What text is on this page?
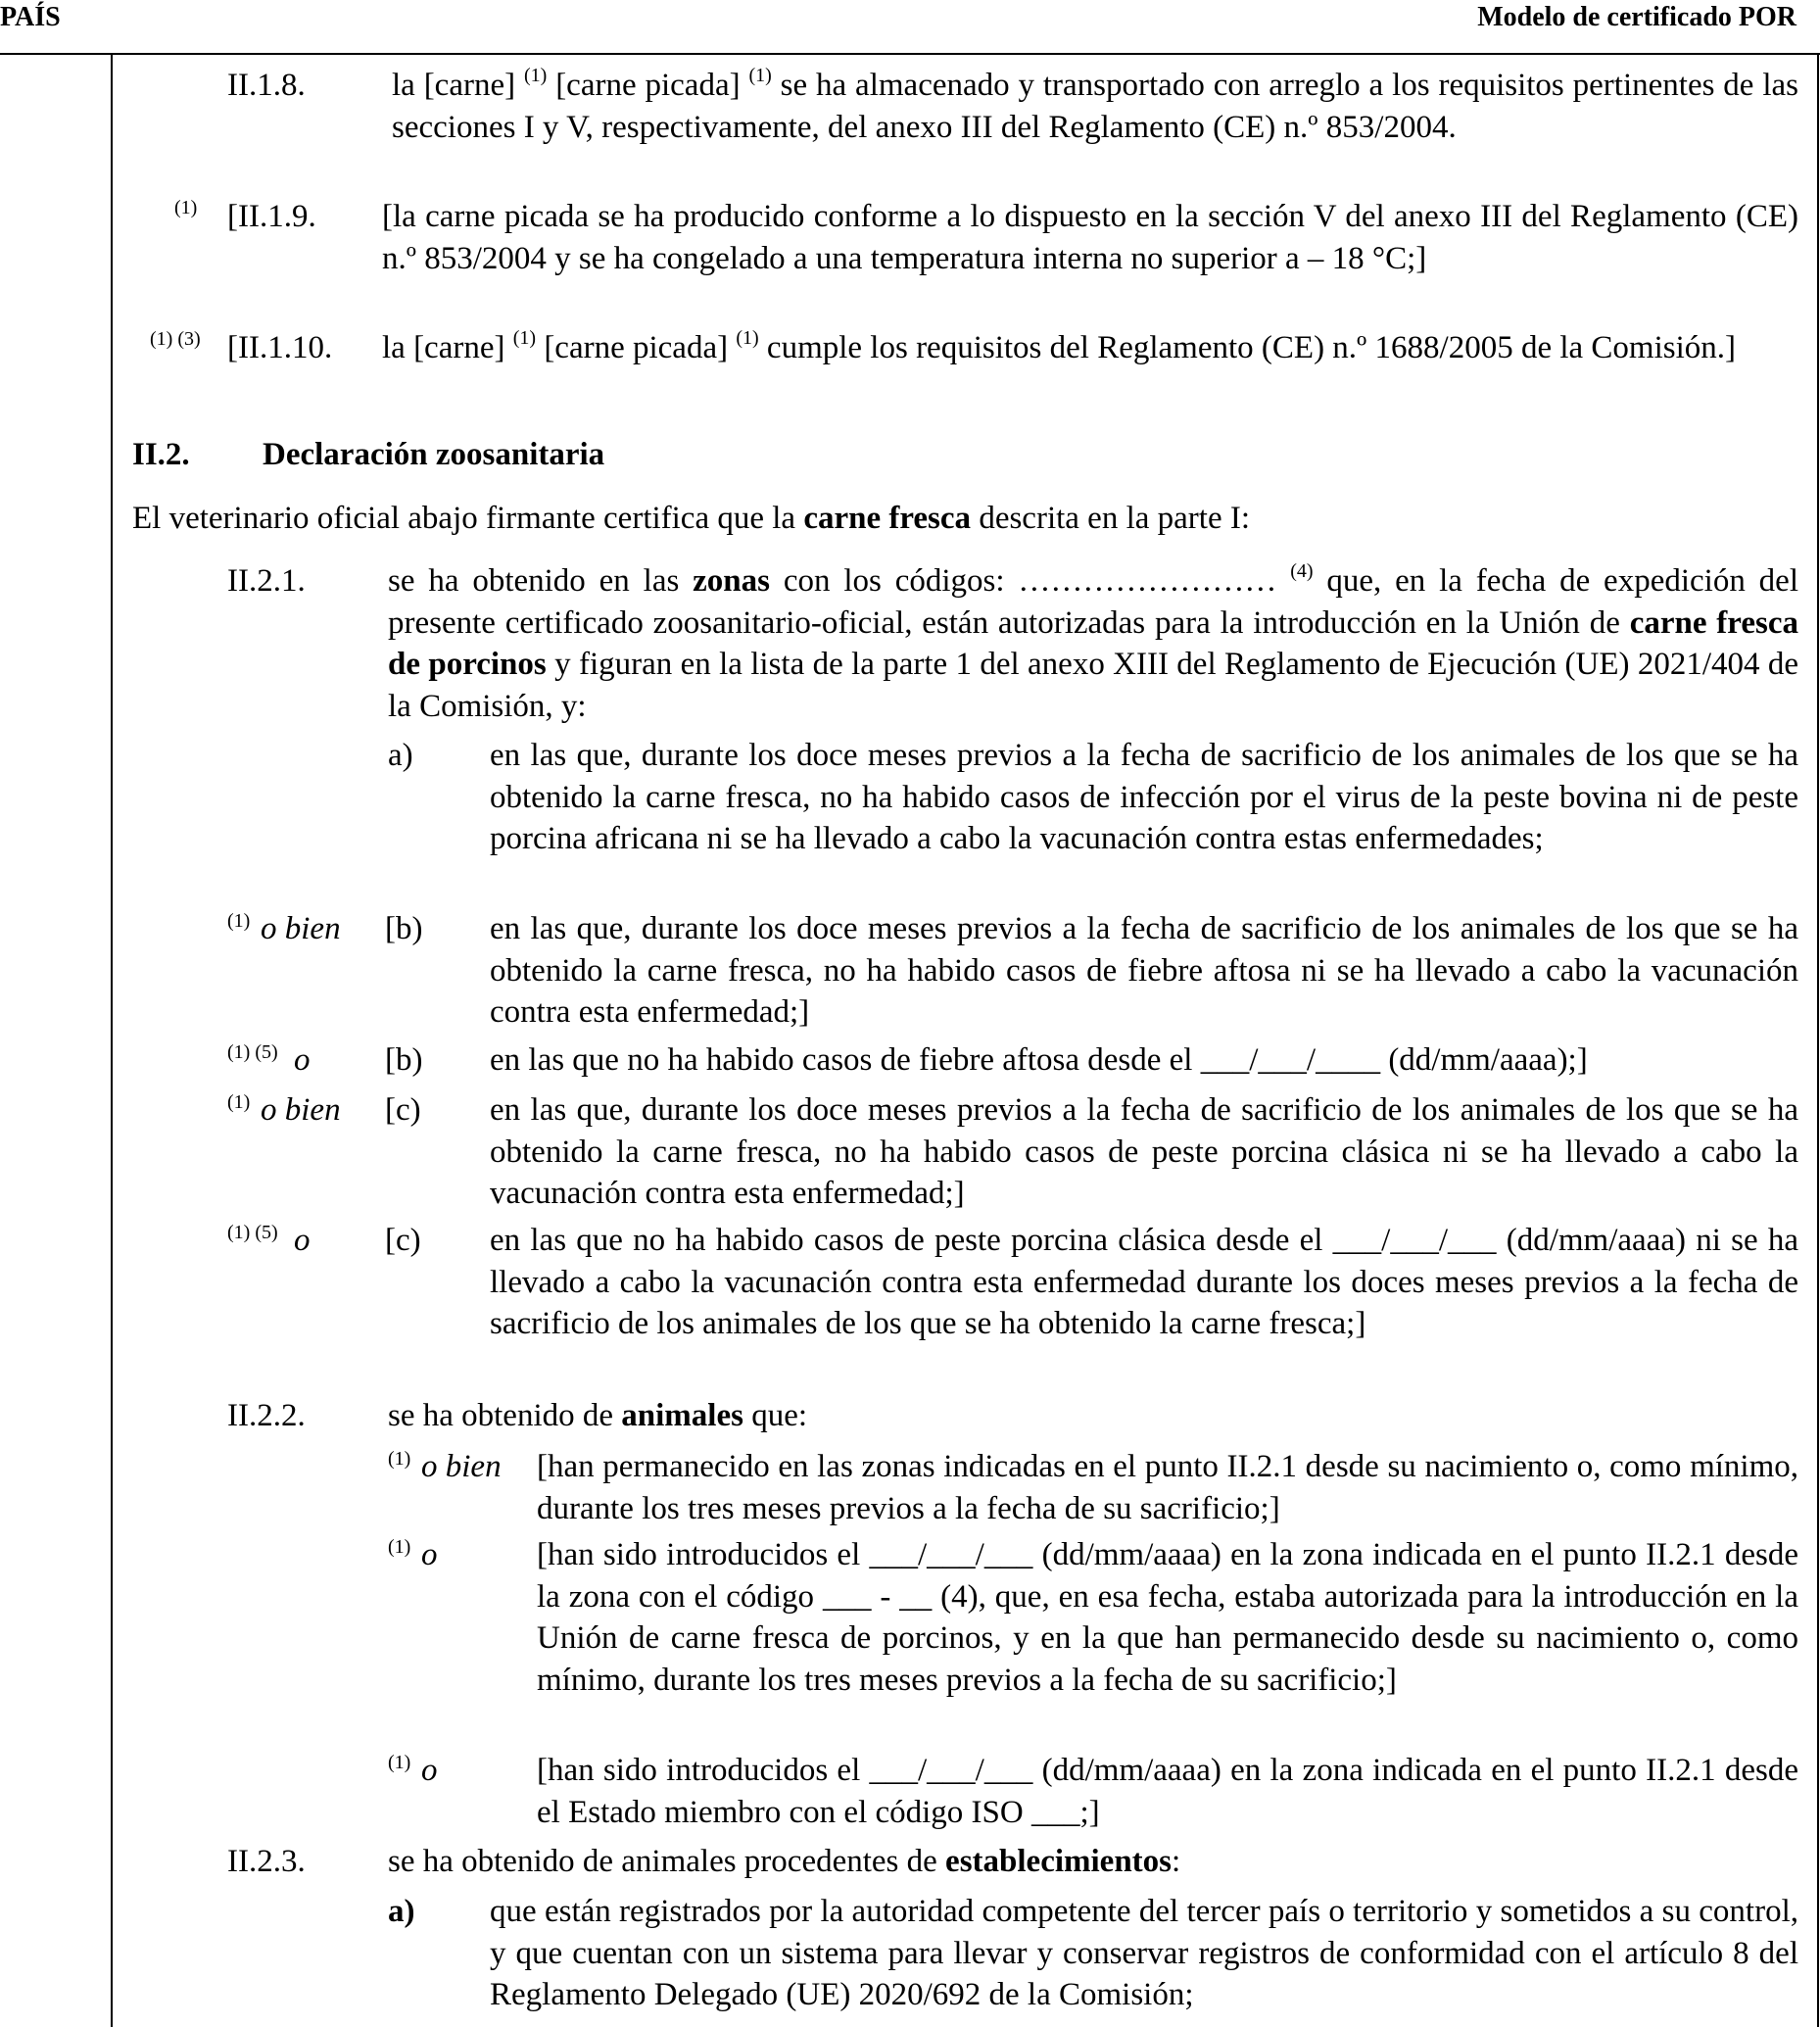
PAÍS	Modelo de certificado POR
II.1.8.	la [carne] $^{(1)}$ [carne picada] $^{(1)}$ se ha almacenado y transportado con arreglo a los requisitos pertinentes de las secciones I y V, respectivamente, del anexo III del Reglamento (CE) n.º 853/2004.
(1) [II.1.9. [la carne picada se ha producido conforme a lo dispuesto en la sección V del anexo III del Reglamento (CE) n.º 853/2004 y se ha congelado a una temperatura interna no superior a – 18 °C;]
(1) (3) [II.1.10. la [carne] $^{(1)}$ [carne picada] $^{(1)}$ cumple los requisitos del Reglamento (CE) n.º 1688/2005 de la Comisión.]
II.2. Declaración zoosanitaria
El veterinario oficial abajo firmante certifica que la carne fresca descrita en la parte I:
II.2.1.	se ha obtenido en las zonas con los códigos: …………………… $^{(4)}$ que, en la fecha de expedición del presente certificado zoosanitario-oficial, están autorizadas para la introducción en la Unión de carne fresca de porcinos y figuran en la lista de la parte 1 del anexo XIII del Reglamento de Ejecución (UE) 2021/404 de la Comisión, y:
a) en las que, durante los doce meses previos a la fecha de sacrificio de los animales de los que se ha obtenido la carne fresca, no ha habido casos de infección por el virus de la peste bovina ni de peste porcina africana ni se ha llevado a cabo la vacunación contra estas enfermedades;
(1) o bien [b) en las que, durante los doce meses previos a la fecha de sacrificio de los animales de los que se ha obtenido la carne fresca, no ha habido casos de fiebre aftosa ni se ha llevado a cabo la vacunación contra esta enfermedad;]
(1) (5) o [b) en las que no ha habido casos de fiebre aftosa desde el ___/___/____ (dd/mm/aaaa);]
(1) o bien [c) en las que, durante los doce meses previos a la fecha de sacrificio de los animales de los que se ha obtenido la carne fresca, no ha habido casos de peste porcina clásica ni se ha llevado a cabo la vacunación contra esta enfermedad;]
(1) (5) o [c) en las que no ha habido casos de peste porcina clásica desde el ___/___/___ (dd/mm/aaaa) ni se ha llevado a cabo la vacunación contra esta enfermedad durante los doces meses previos a la fecha de sacrificio de los animales de los que se ha obtenido la carne fresca;]
II.2.2.	se ha obtenido de animales que:
(1) o bien [han permanecido en las zonas indicadas en el punto II.2.1 desde su nacimiento o, como mínimo, durante los tres meses previos a la fecha de su sacrificio;]
(1) o	[han sido introducidos el ___/___/___ (dd/mm/aaaa) en la zona indicada en el punto II.2.1 desde la zona con el código ___ - __ (4), que, en esa fecha, estaba autorizada para la introducción en la Unión de carne fresca de porcinos, y en la que han permanecido desde su nacimiento o, como mínimo, durante los tres meses previos a la fecha de su sacrificio;]
(1) o	[han sido introducidos el ___/___/___ (dd/mm/aaaa) en la zona indicada en el punto II.2.1 desde el Estado miembro con el código ISO ___;]
II.2.3.	se ha obtenido de animales procedentes de establecimientos:
a) que están registrados por la autoridad competente del tercer país o territorio y sometidos a su control, y que cuentan con un sistema para llevar y conservar registros de conformidad con el artículo 8 del Reglamento Delegado (UE) 2020/692 de la Comisión;
